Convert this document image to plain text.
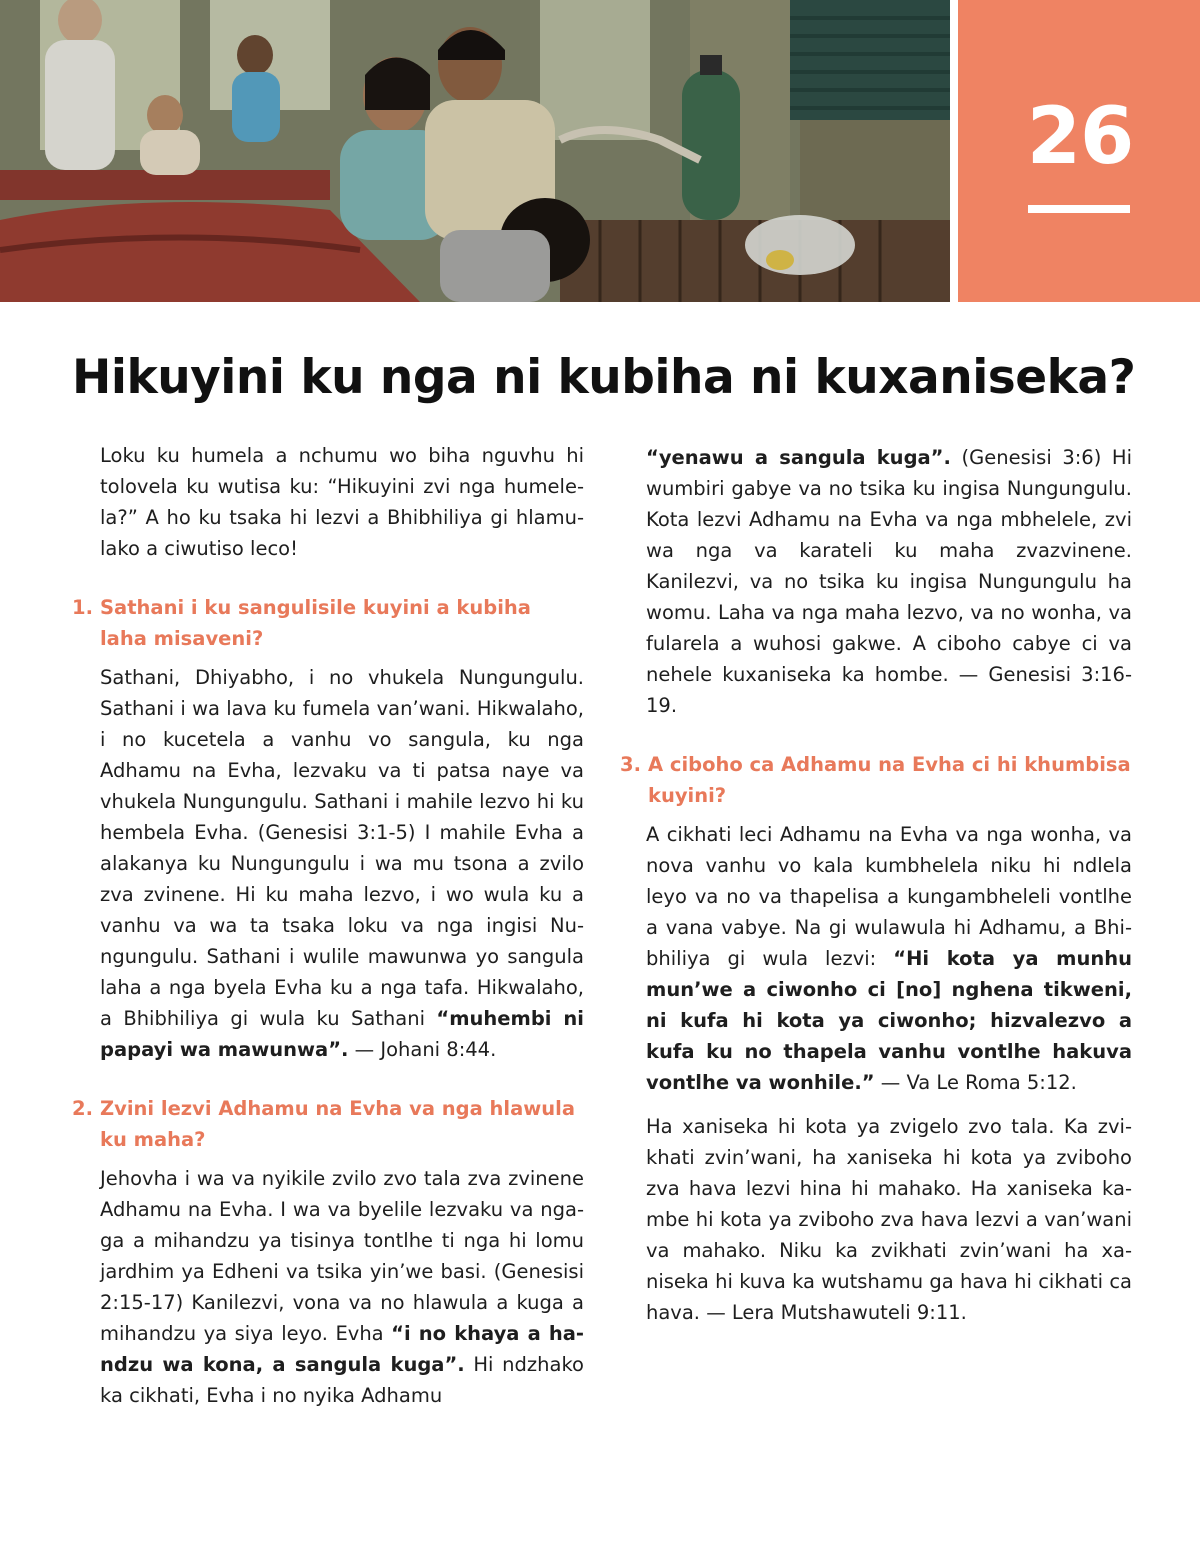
26
Hikuyini ku nga ni kubiha ni kuxaniseka?

Loku ku humela a nchumu wo biha nguvhu hi tolovela ku wutisa ku: “Hikuyini zvi nga humelela?” A ho ku tsaka hi lezvi a Bhibhiliya gi hlamulako a ciwutiso leco!

1. Sathani i ku sangulisile kuyini a kubiha laha misaveni?

Sathani, Dhiyabho, i no vhukela Nungungulu. Sathani i wa lava ku fumela van’wani. Hikwalaho, i no kucetela a vanhu vo sangula, ku nga Adhamu na Evha, lezvaku va ti patsa naye va vhukela Nungungulu. Sathani i mahile lezvo hi ku hembela Evha. (Genesisi 3:1-5) I mahile Evha a alakanya ku Nungungulu i wa mu tsona a zvilo zva zvinene. Hi ku maha lezvo, i wo wula ku a vanhu va wa ta tsaka loku va nga ingisi Nungungulu. Sathani i wulile mawunwa yo sangula laha a nga byela Evha ku a nga tafa. Hikwalaho, a Bhibhiliya gi wula ku Sathani “muhembi ni papayi wa mawunwa”. — Johani 8:44.

2. Zvini lezvi Adhamu na Evha va nga hlawula ku maha?

Jehovha i wa va nyikile zvilo zvo tala zva zvinene Adhamu na Evha. I wa va byelile lezvaku va ngaga a mihandzu ya tisinya tontlhe ti nga hi lomu jardhim ya Edheni va tsika yin’we basi. (Genesisi 2:15-17) Kanilezvi, vona va no hlawula a kuga a mihandzu ya siya leyo. Evha “i no khaya a handzu wa kona, a sangula kuga”. Hi ndzhako ka cikhati, Evha i no nyika Adhamu

“yenawu a sangula kuga”. (Genesisi 3:6) Hi wumbiri gabye va no tsika ku ingisa Nungungulu. Kota lezvi Adhamu na Evha va nga mbhelele, zvi wa nga va karateli ku maha zvazvinene. Kanilezvi, va no tsika ku ingisa Nungungulu ha womu. Laha va nga maha lezvo, va no wonha, va fularela a wuhosi gakwe. A ciboho cabye ci va nehele kuxaniseka ka hombe. — Genesisi 3:16-19.

3. A ciboho ca Adhamu na Evha ci hi khumbisa kuyini?

A cikhati leci Adhamu na Evha va nga wonha, va nova vanhu vo kala kumbhelela niku hi ndlela leyo va no va thapelisa a kungambheleli vontlhe a vana vabye. Na gi wulawula hi Adhamu, a Bhibhiliya gi wula lezvi: “Hi kota ya munhu mun’we a ciwonho ci [no] nghena tikweni, ni kufa hi kota ya ciwonho; hizvalezvo a kufa ku no thapela vanhu vontlhe hakuva vontlhe va wonhile.” — Va Le Roma 5:12.

Ha xaniseka hi kota ya zvigelo zvo tala. Ka zvikhati zvin’wani, ha xaniseka hi kota ya zviboho zva hava lezvi hina hi mahako. Ha xaniseka kambe hi kota ya zviboho zva hava lezvi a van’wani va mahako. Niku ka zvikhati zvin’wani ha xaniseka hi kuva ka wutshamu ga hava hi cikhati ca hava. — Lera Mutshawuteli 9:11.
